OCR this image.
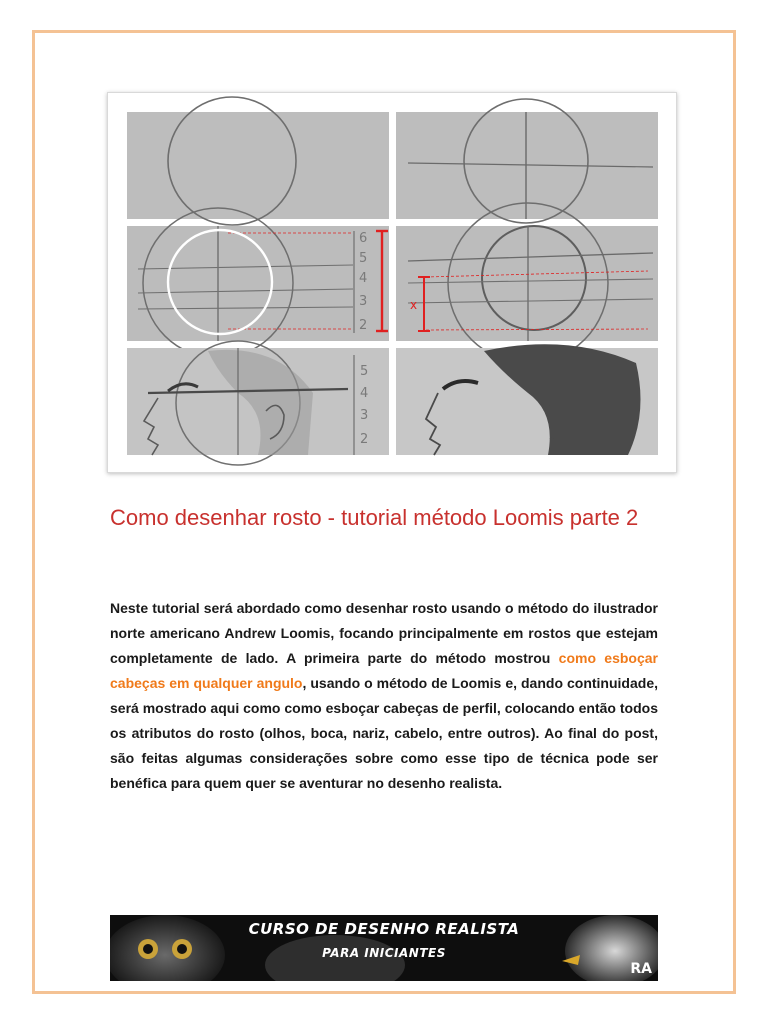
6
5
4
3
2
x
5
4
3
2
Como desenhar rosto - tutorial método Loomis parte 2

Neste tutorial será abordado como desenhar rosto usando o método do ilustrador norte americano Andrew Loomis, focando principalmente em rostos que estejam completamente de lado. A primeira parte do método mostrou como esboçar cabeças em qualquer angulo, usando o método de Loomis e, dando continuidade, será mostrado aqui como como esboçar cabeças de perfil, colocando então todos os atributos do rosto (olhos, boca, nariz, cabelo, entre outros). Ao final do post, são feitas algumas considerações sobre como esse tipo de técnica pode ser benéfica para quem quer se aventurar no desenho realista.

CURSO DE DESENHO REALISTA
PARA INICIANTES
RA
